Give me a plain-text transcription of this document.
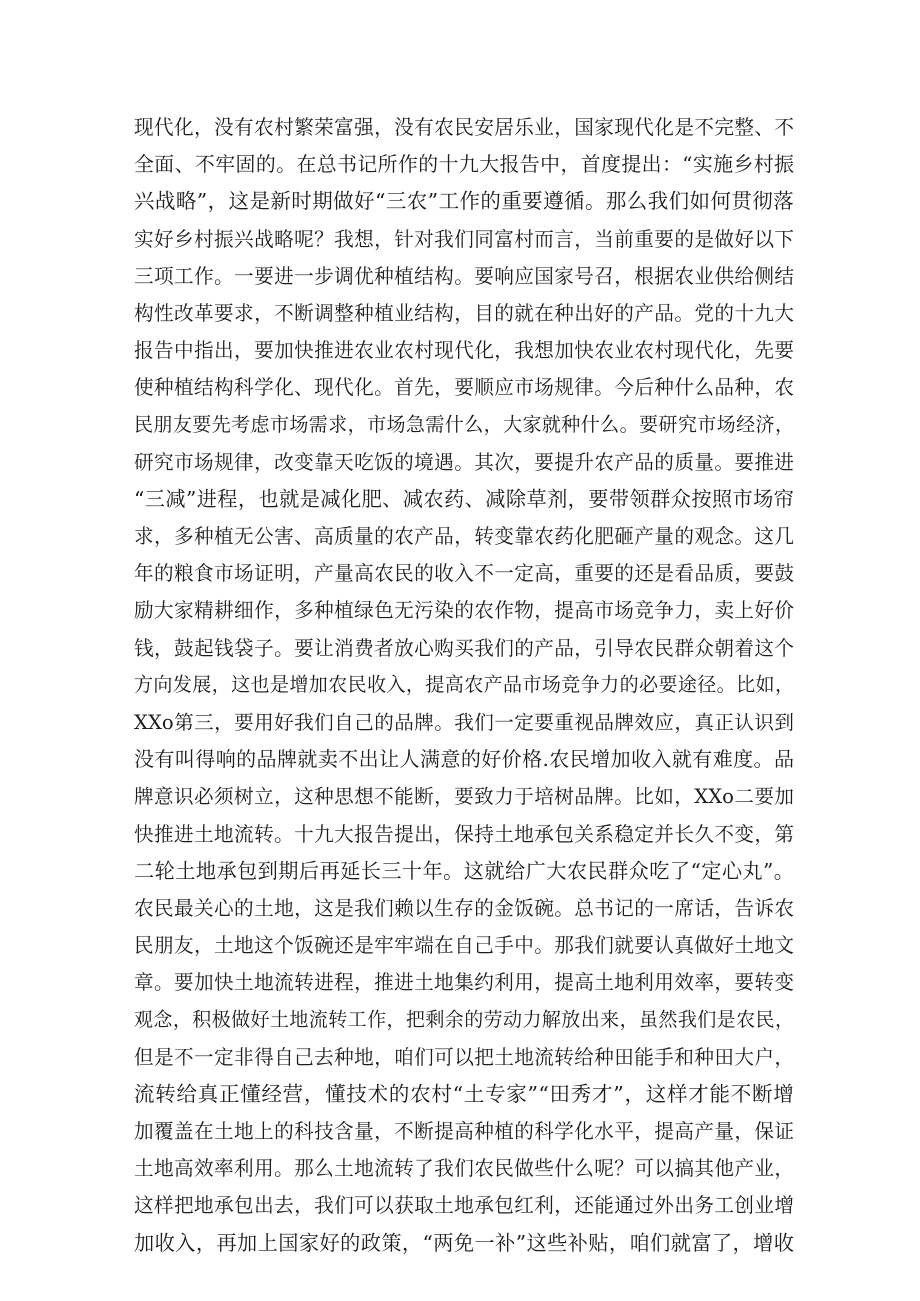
现代化，没有农村繁荣富强，没有农民安居乐业，国家现代化是不完整、不
全面、不牢固的。在总书记所作的十九大报告中，首度提出：“实施乡村振
兴战略”，这是新时期做好“三农”工作的重要遵循。那么我们如何贯彻落
实好乡村振兴战略呢？我想，针对我们同富村而言，当前重要的是做好以下
三项工作。一要进一步调优种植结构。要响应国家号召，根据农业供给侧结
构性改革要求，不断调整种植业结构，目的就在种出好的产品。党的十九大
报告中指出，要加快推进农业农村现代化，我想加快农业农村现代化，先要
使种植结构科学化、现代化。首先，要顺应市场规律。今后种什么品种，农
民朋友要先考虑市场需求，市场急需什么，大家就种什么。要研究市场经济，
研究市场规律，改变靠天吃饭的境遇。其次，要提升农产品的质量。要推进
“三减”进程，也就是减化肥、减农药、减除草剂，要带领群众按照市场帘
求，多种植无公害、高质量的农产品，转变靠农药化肥砸产量的观念。这几
年的粮食市场证明，产量高农民的收入不一定高，重要的还是看品质，要鼓
励大家精耕细作，多种植绿色无污染的农作物，提高市场竞争力，卖上好价
钱，鼓起钱袋子。要让消费者放心购买我们的产品，引导农民群众朝着这个
方向发展，这也是增加农民收入，提高农产品市场竞争力的必要途径。比如，
XXo第三，要用好我们自己的品牌。我们一定要重视品牌效应，真正认识到
没有叫得响的品牌就卖不出让人满意的好价格.农民增加收入就有难度。品
牌意识必须树立，这种思想不能断，要致力于培树品牌。比如，XXo二要加
快推进土地流转。十九大报告提出，保持土地承包关系稳定并长久不变，第
二轮土地承包到期后再延长三十年。这就给广大农民群众吃了“定心丸”。
农民最关心的土地，这是我们赖以生存的金饭碗。总书记的一席话，告诉农
民朋友，土地这个饭碗还是牢牢端在自己手中。那我们就要认真做好土地文
章。要加快土地流转进程，推进土地集约利用，提高土地利用效率，要转变
观念，积极做好土地流转工作，把剩余的劳动力解放出来，虽然我们是农民，
但是不一定非得自己去种地，咱们可以把土地流转给种田能手和种田大户，
流转给真正懂经营，懂技术的农村“土专家”“田秀才”，这样才能不断增
加覆盖在土地上的科技含量，不断提高种植的科学化水平，提高产量，保证
土地高效率利用。那么土地流转了我们农民做些什么呢？可以搞其他产业，
这样把地承包出去，我们可以获取土地承包红利，还能通过外出务工创业增
加收入，再加上国家好的政策，“两免一补”这些补贴，咱们就富了，增收
